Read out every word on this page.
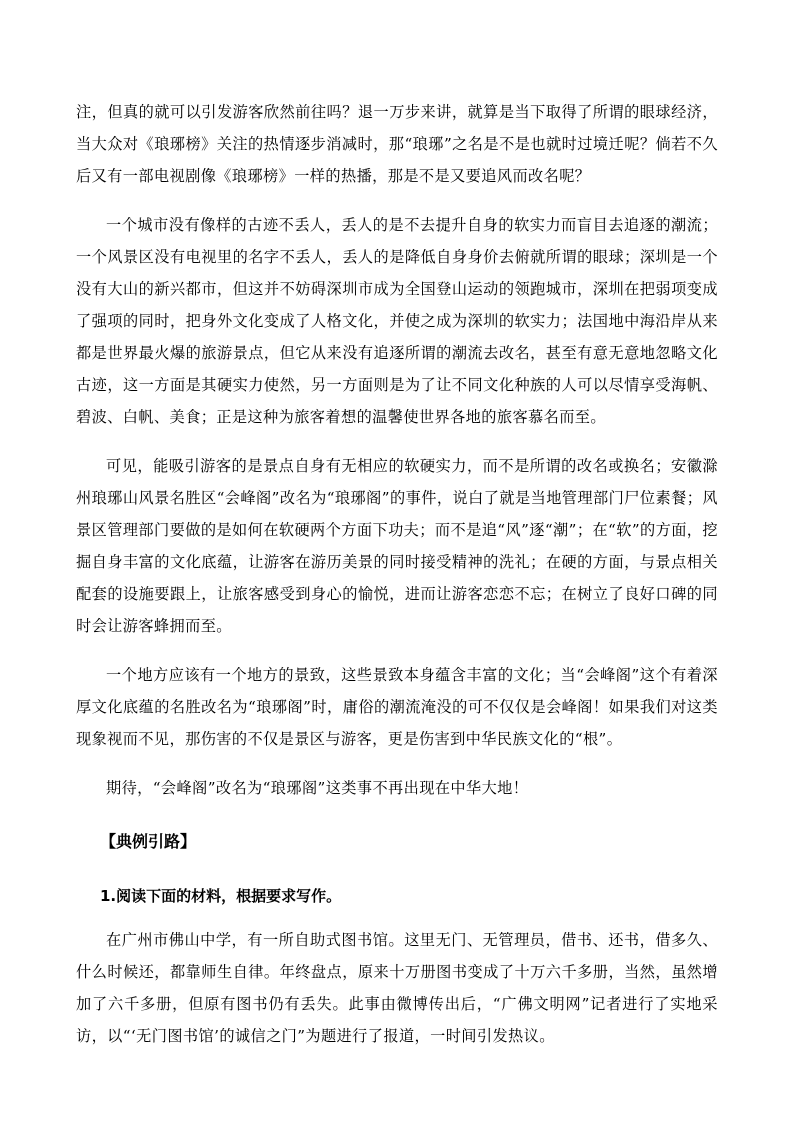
注，但真的就可以引发游客欣然前往吗？退一万步来讲，就算是当下取得了所谓的眼球经济，当大众对《琅琊榜》关注的热情逐步消减时，那“琅琊”之名是不是也就时过境迁呢？倘若不久后又有一部电视剧像《琅琊榜》一样的热播，那是不是又要追风而改名呢？

一个城市没有像样的古迹不丢人，丢人的是不去提升自身的软实力而盲目去追逐的潮流；一个风景区没有电视里的名字不丢人，丢人的是降低自身身价去俯就所谓的眼球；深圳是一个没有大山的新兴都市，但这并不妨碍深圳市成为全国登山运动的领跑城市，深圳在把弱项变成了强项的同时，把身外文化变成了人格文化，并使之成为深圳的软实力；法国地中海沿岸从来都是世界最火爆的旅游景点，但它从来没有追逐所谓的潮流去改名，甚至有意无意地忽略文化古迹，这一方面是其硬实力使然，另一方面则是为了让不同文化种族的人可以尽情享受海帆、碧波、白帆、美食；正是这种为旅客着想的温馨使世界各地的旅客慕名而至。

可见，能吸引游客的是景点自身有无相应的软硬实力，而不是所谓的改名或换名；安徽滁州琅琊山风景名胜区“会峰阁”改名为“琅琊阁”的事件，说白了就是当地管理部门尸位素餐；风景区管理部门要做的是如何在软硬两个方面下功夫；而不是追“风”逐“潮”；在“软”的方面，挖掘自身丰富的文化底蕴，让游客在游历美景的同时接受精神的洗礼；在硬的方面，与景点相关配套的设施要跟上，让旅客感受到身心的愉悦，进而让游客恋恋不忘；在树立了良好口碑的同时会让游客蜂拥而至。

一个地方应该有一个地方的景致，这些景致本身蕴含丰富的文化；当“会峰阁”这个有着深厚文化底蕴的名胜改名为“琅琊阁”时，庸俗的潮流淹没的可不仅仅是会峰阁！如果我们对这类现象视而不见，那伤害的不仅是景区与游客，更是伤害到中华民族文化的“根”。

期待，“会峰阁”改名为“琅琊阁”这类事不再出现在中华大地！

【典例引路】

1.阅读下面的材料，根据要求写作。

在广州市佛山中学，有一所自助式图书馆。这里无门、无管理员，借书、还书，借多久、什么时候还，都靠师生自律。年终盘点，原来十万册图书变成了十万六千多册，当然，虽然增加了六千多册，但原有图书仍有丢失。此事由微博传出后，“广佛文明网”记者进行了实地采访，以“‘无门图书馆’的诚信之门”为题进行了报道，一时间引发热议。
